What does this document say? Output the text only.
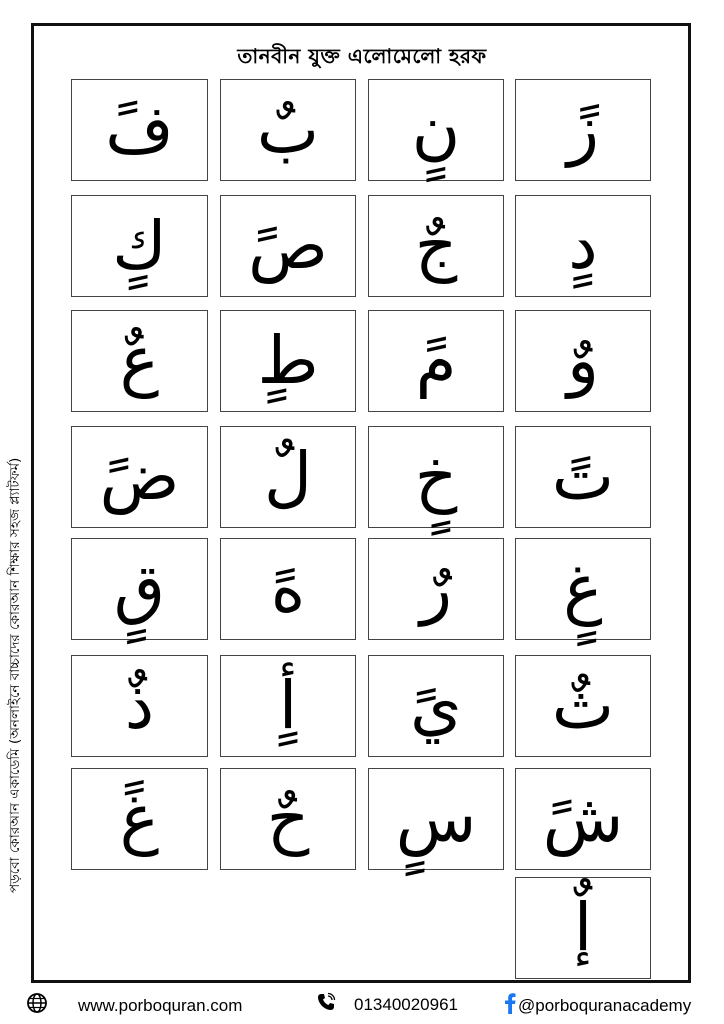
তানবীন যুক্ত এলোমেলো হরফ
পড়বো কোরআন একাডেমি (অনলাইনে বাচ্চাদের কোরআন শিক্ষার সহজ প্ল্যাটফর্ম)
فً بٌ نٍ زً
كٍ صً جٌ دٍ
عٌ طٍ مً وٌ
ضً لٌ خٍ تً
قٍ هً رٌ غٍ
ذٌ أٍ يً ثٌ
غً حٌ سٍ شً
إٌ
www.porboquran.com	01340020961	@porboquranacademy
